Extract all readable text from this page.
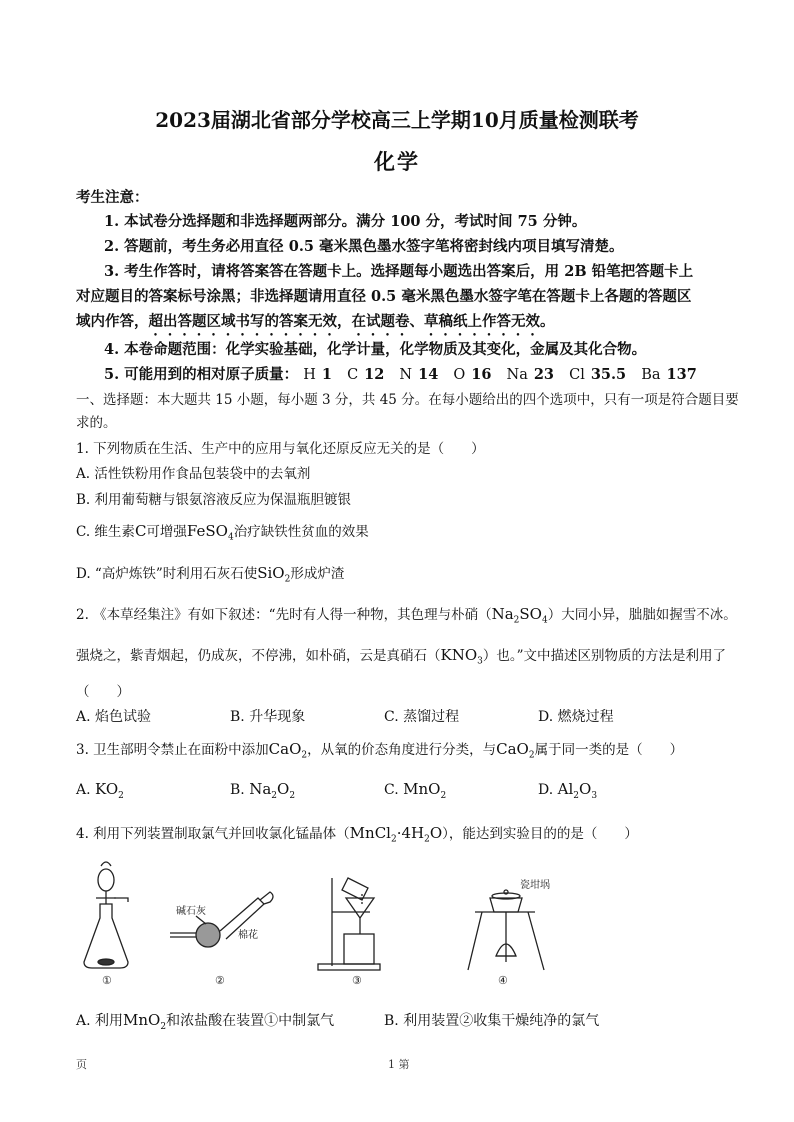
2023届湖北省部分学校高三上学期10月质量检测联考
化学
考生注意：
1. 本试卷分选择题和非选择题两部分。满分 100 分，考试时间 75 分钟。
2. 答题前，考生务必用直径 0.5 毫米黑色墨水签字笔将密封线内项目填写清楚。
3. 考生作答时，请将答案答在答题卡上。选择题每小题选出答案后，用 2B 铅笔把答题卡上
对应题目的答案标号涂黑；非选择题请用直径 0.5 毫米黑色墨水签字笔在答题卡上各题的答题区
域内作答，超出答题区域书写的答案无效，在试题卷、草稿纸上作答无效。
4. 本卷命题范围：化学实验基础，化学计量，化学物质及其变化，金属及其化合物。
5. 可能用到的相对原子质量： H 1 C 12 N 14 O 16 Na 23 Cl 35.5 Ba 137
一、选择题：本大题共 15 小题，每小题 3 分，共 45 分。在每小题给出的四个选项中，只有一项是符合题目要
求的。
1. 下列物质在生活、生产中的应用与氧化还原反应无关的是（　　）
A. 活性铁粉用作食品包装袋中的去氧剂
B. 利用葡萄糖与银氨溶液反应为保温瓶胆镀银
C. 维生素C可增强FeSO$_4$治疗缺铁性贫血的效果
D. “高炉炼铁”时利用石灰石使SiO$_2$形成炉渣
2. 《本草经集注》有如下叙述：“先时有人得一种物，其色理与朴硝$(Na_2SO_4)$大同小异，朏朏如握雪不冰。
强烧之，紫青烟起，仍成灰，不停沸，如朴硝，云是真硝石$(KNO_3)$也。”文中描述区别物质的方法是利用了
（　　）
A. 焰色试验	B. 升华现象	C. 蒸馏过程	D. 燃烧过程
3. 卫生部明令禁止在面粉中添加CaO$_2$，从氧的价态角度进行分类，与CaO$_2$属于同一类的是（　　）
A. $KO_2$	B. $Na_2O_2$	C. MnO$_2$	D. $Al_2O_3$
4. 利用下列装置制取氯气并回收氯化锰晶体$(MnCl_2\cdot 4H_2O)$，能达到实验目的的是（　　）
①
碱石灰
棉花
②	③
瓷坩埚
④
A. 利用MnO$_2$和浓盐酸在装置①中制氯气	B. 利用装置②收集干燥纯净的氯气
页	1 第
